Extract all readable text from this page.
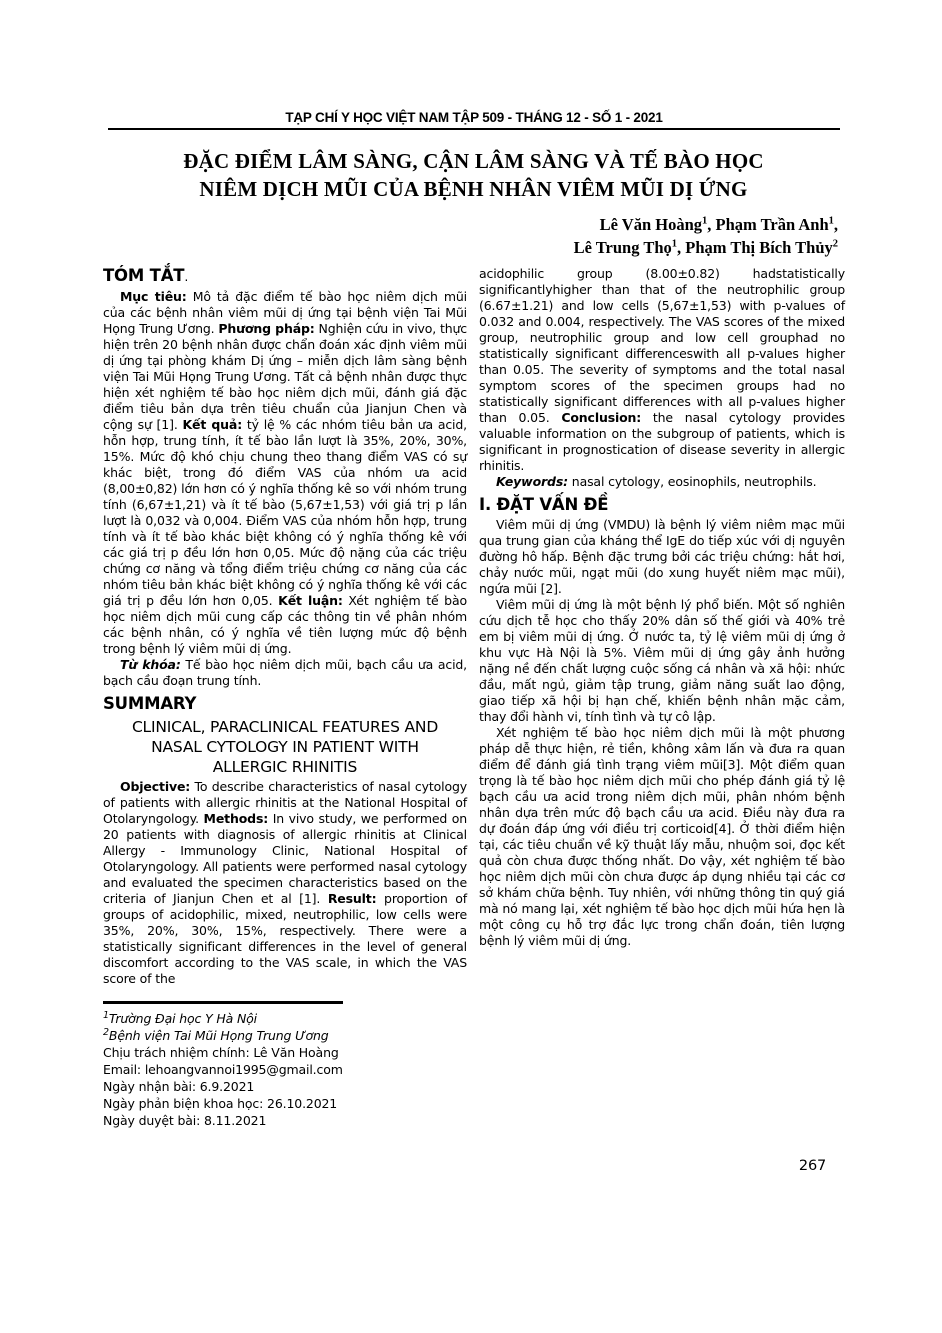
TẠP CHÍ Y HỌC VIỆT NAM TẬP 509 - THÁNG 12 - SỐ 1 - 2021
ĐẶC ĐIỂM LÂM SÀNG, CẬN LÂM SÀNG VÀ TẾ BÀO HỌC
NIÊM DỊCH MŨI CỦA BỆNH NHÂN VIÊM MŨI DỊ ỨNG
Lê Văn Hoàng$^1$, Phạm Trần Anh$^1$,
Lê Trung Thọ$^1$, Phạm Thị Bích Thủy$^2$
TÓM TẮT.

Mục tiêu: Mô tả đặc điểm tế bào học niêm dịch mũi của các bệnh nhân viêm mũi dị ứng tại bệnh viện Tai Mũi Họng Trung Ương. Phương pháp: Nghiện cứu in vivo, thực hiện trên 20 bệnh nhân được chẩn đoán xác định viêm mũi dị ứng tại phòng khám Dị ứng – miễn dịch lâm sàng bệnh viện Tai Mũi Họng Trung Ương. Tất cả bệnh nhân được thực hiện xét nghiệm tế bào học niêm dịch mũi, đánh giá đặc điểm tiêu bản dựa trên tiêu chuẩn của Jianjun Chen và cộng sự [1]. Kết quả: tỷ lệ % các nhóm tiêu bản ưa acid, hỗn hợp, trung tính, ít tế bào lần lượt là 35%, 20%, 30%, 15%. Mức độ khó chịu chung theo thang điểm VAS có sự khác biệt, trong đó điểm VAS của nhóm ưa acid (8,00±0,82) lớn hơn có ý nghĩa thống kê so với nhóm trung tính (6,67±1,21) và ít tế bào (5,67±1,53) với giá trị p lần lượt là 0,032 và 0,004. Điểm VAS của nhóm hỗn hợp, trung tính và ít tế bào khác biệt không có ý nghĩa thống kê với các giá trị p đều lớn hơn 0,05. Mức độ nặng của các triệu chứng cơ năng và tổng điểm triệu chứng cơ năng của các nhóm tiêu bản khác biệt không có ý nghĩa thống kê với các giá trị p đều lớn hơn 0,05. Kết luận: Xét nghiệm tế bào học niêm dịch mũi cung cấp các thông tin về phân nhóm các bệnh nhân, có ý nghĩa về tiên lượng mức độ bệnh trong bệnh lý viêm mũi dị ứng.

Từ khóa: Tế bào học niêm dịch mũi, bạch cầu ưa acid, bạch cầu đoạn trung tính.

SUMMARY
CLINICAL, PARACLINICAL FEATURES AND
NASAL CYTOLOGY IN PATIENT WITH
ALLERGIC RHINITIS

Objective: To describe characteristics of nasal cytology of patients with allergic rhinitis at the National Hospital of Otolaryngology. Methods: In vivo study, we performed on 20 patients with diagnosis of allergic rhinitis at Clinical Allergy - Immunology Clinic, National Hospital of Otolaryngology. All patients were performed nasal cytology and evaluated the specimen characteristics based on the criteria of Jianjun Chen et al [1]. Result: proportion of groups of acidophilic, mixed, neutrophilic, low cells were 35%, 20%, 30%, 15%, respectively. There were a statistically significant differences in the level of general discomfort according to the VAS scale, in which the VAS score of the

$^1$Trường Đại học Y Hà Nội
$^2$Bệnh viện Tai Mũi Họng Trung Ương
Chịu trách nhiệm chính: Lê Văn Hoàng
Email: lehoangvannoi1995@gmail.com
Ngày nhận bài: 6.9.2021
Ngày phản biện khoa học: 26.10.2021
Ngày duyệt bài: 8.11.2021

acidophilic group (8.00±0.82) hadstatistically significantlyhigher than that of the neutrophilic group (6.67±1.21) and low cells (5,67±1,53) with p-values of 0.032 and 0.004, respectively. The VAS scores of the mixed group, neutrophilic group and low cell grouphad no statistically significant differenceswith all p-values higher than 0.05. The severity of symptoms and the total nasal symptom scores of the specimen groups had no statistically significant differences with all p-values higher than 0.05. Conclusion: the nasal cytology provides valuable information on the subgroup of patients, which is significant in prognostication of disease severity in allergic rhinitis.

Keywords: nasal cytology, eosinophils, neutrophils.

I. ĐẶT VẤN ĐỀ

Viêm mũi dị ứng (VMDU) là bệnh lý viêm niêm mạc mũi qua trung gian của kháng thể IgE do tiếp xúc với dị nguyên đường hô hấp. Bệnh đặc trưng bởi các triệu chứng: hắt hơi, chảy nước mũi, ngạt mũi (do xung huyết niêm mạc mũi), ngứa mũi [2].

Viêm mũi dị ứng là một bệnh lý phổ biến. Một số nghiên cứu dịch tễ học cho thấy 20% dân số thế giới và 40% trẻ em bị viêm mũi dị ứng. Ở nước ta, tỷ lệ viêm mũi dị ứng ở khu vực Hà Nội là 5%. Viêm mũi dị ứng gây ảnh hưởng nặng nề đến chất lượng cuộc sống cá nhân và xã hội: nhức đầu, mất ngủ, giảm tập trung, giảm năng suất lao động, giao tiếp xã hội bị hạn chế, khiến bệnh nhân mặc cảm, thay đổi hành vi, tính tình và tự cô lập.

Xét nghiệm tế bào học niêm dịch mũi là một phương pháp dễ thực hiện, rẻ tiền, không xâm lấn và đưa ra quan điểm để đánh giá tình trạng viêm mũi[3]. Một điểm quan trọng là tế bào học niêm dịch mũi cho phép đánh giá tỷ lệ bạch cầu ưa acid trong niêm dịch mũi, phân nhóm bệnh nhân dựa trên mức độ bạch cầu ưa acid. Điều này đưa ra dự đoán đáp ứng với điều trị corticoid[4]. Ở thời điểm hiện tại, các tiêu chuẩn về kỹ thuật lấy mẫu, nhuộm soi, đọc kết quả còn chưa được thống nhất. Do vậy, xét nghiệm tế bào học niêm dịch mũi còn chưa được áp dụng nhiều tại các cơ sở khám chữa bệnh. Tuy nhiên, với những thông tin quý giá mà nó mang lại, xét nghiệm tế bào học dịch mũi hứa hẹn là một công cụ hỗ trợ đắc lực trong chẩn đoán, tiên lượng bệnh lý viêm mũi dị ứng.

267
